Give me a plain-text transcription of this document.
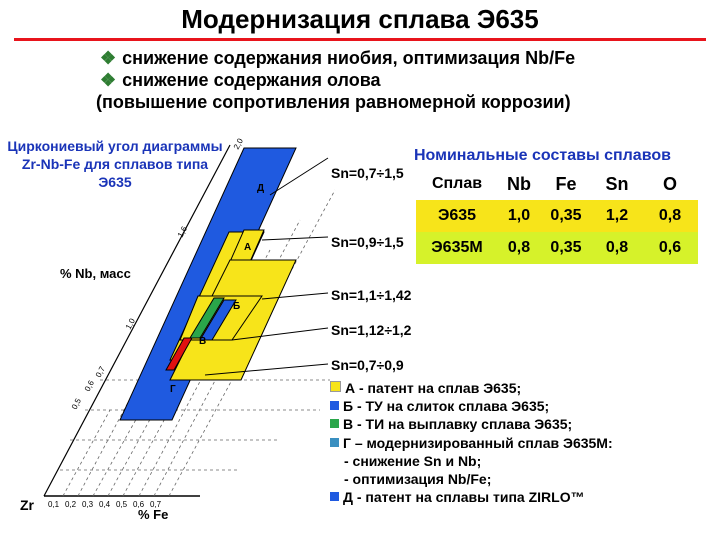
Модернизация сплава Э635
❖ снижение содержания ниобия, оптимизация Nb/Fe
❖ снижение содержания олова
(повышение сопротивления равномерной коррозии)
Циркониевый угол диаграммы Zr-Nb-Fe для сплавов типа Э635
Zr
% Nb, масс
% Fe
0,1 0,2 0,3 0,4 0,5 0,6 0,7
0,5
0,6
0,7
1,0
1,6
2,0
Д
А
Б
В
Г
Sn=0,7÷1,5
Sn=0,9÷1,5
Sn=1,1÷1,42
Sn=1,12÷1,2
Sn=0,7÷0,9
Номинальные составы сплавов
Сплав	Nb	Fe	Sn	O
Э635	1,0	0,35	1,2	0,8
Э635М	0,8	0,35	0,8	0,6
А - патент на сплав Э635;
Б - ТУ на слиток сплава Э635;
В - ТИ на выплавку сплава Э635;
Г – модернизированный сплав Э635М:
- снижение Sn и Nb;
- оптимизация Nb/Fe;
Д - патент на сплавы типа ZIRLO™
